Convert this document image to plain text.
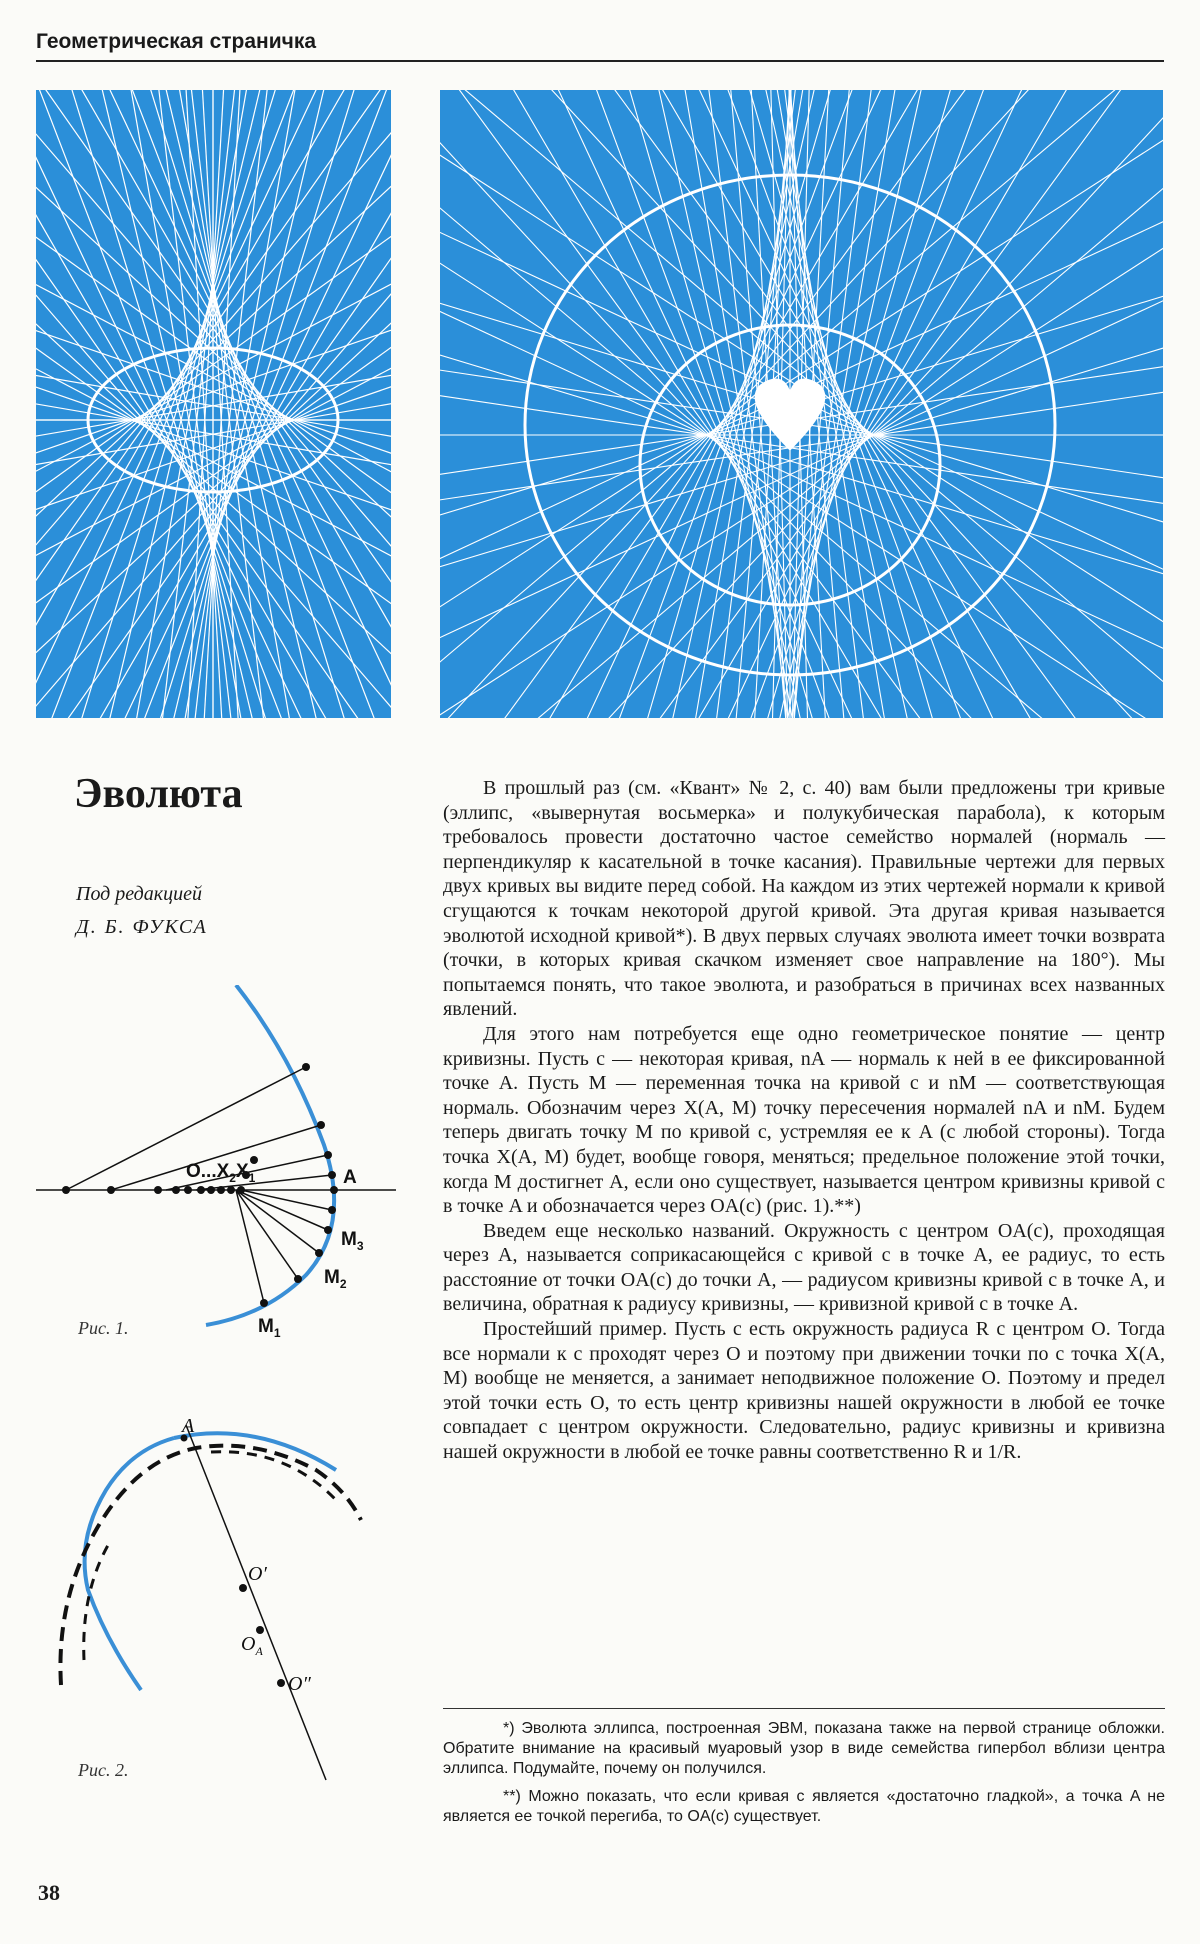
Геометрическая страничка
Эволюта
Под редакцией
Д. Б. ФУКСА
$O...X_2X_1$	A
$M_3$
$M_2$
$M_1$
Рис. 1.
A
O′
$O_A$
O″
Рис. 2.

В прошлый раз (см. «Квант» № 2, с. 40) вам были предложены три кривые (эллипс, «вывернутая восьмерка» и полукубическая парабола), к которым требовалось провести достаточно частое семейство нормалей (нормаль — перпендикуляр к касательной в точке касания). Правильные чертежи для первых двух кривых вы видите перед собой. На каждом из этих чертежей нормали к кривой сгущаются к точкам некоторой другой кривой. Эта другая кривая называется эволютой исходной кривой*). В двух первых случаях эволюта имеет точки возврата (точки, в которых кривая скачком изменяет свое направление на 180°). Мы попытаемся понять, что такое эволюта, и разобраться в причинах всех названных явлений.

Для этого нам потребуется еще одно геометрическое понятие — центр кривизны. Пусть c — некоторая кривая, nA — нормаль к ней в ее фиксированной точке A. Пусть M — переменная точка на кривой c и nM — соответствующая нормаль. Обозначим через X(A, M) точку пересечения нормалей nA и nM. Будем теперь двигать точку M по кривой c, устремляя ее к A (с любой стороны). Тогда точка X(A, M) будет, вообще говоря, меняться; предельное положение этой точки, когда M достигнет A, если оно существует, называется центром кривизны кривой c в точке A и обозначается через OA(c) (рис. 1).**)

Введем еще несколько названий. Окружность с центром OA(c), проходящая через A, называется соприкасающейся с кривой c в точке A, ее радиус, то есть расстояние от точки OA(c) до точки A, — радиусом кривизны кривой c в точке A, и величина, обратная к радиусу кривизны, — кривизной кривой c в точке A.

Простейший пример. Пусть c есть окружность радиуса R с центром O. Тогда все нормали к c проходят через O и поэтому при движении точки по c точка X(A, M) вообще не меняется, а занимает неподвижное положение O. Поэтому и предел этой точки есть O, то есть центр кривизны нашей окружности в любой ее точке совпадает с центром окружности. Следовательно, радиус кривизны и кривизна нашей окружности в любой ее точке равны соответственно R и 1/R.

*) Эволюта эллипса, построенная ЭВМ, показана также на первой странице обложки. Обратите внимание на красивый муаровый узор в виде семейства гипербол вблизи центра эллипса. Подумайте, почему он получился.

**) Можно показать, что если кривая c является «достаточно гладкой», а точка A не является ее точкой перегиба, то OA(c) существует.

38
